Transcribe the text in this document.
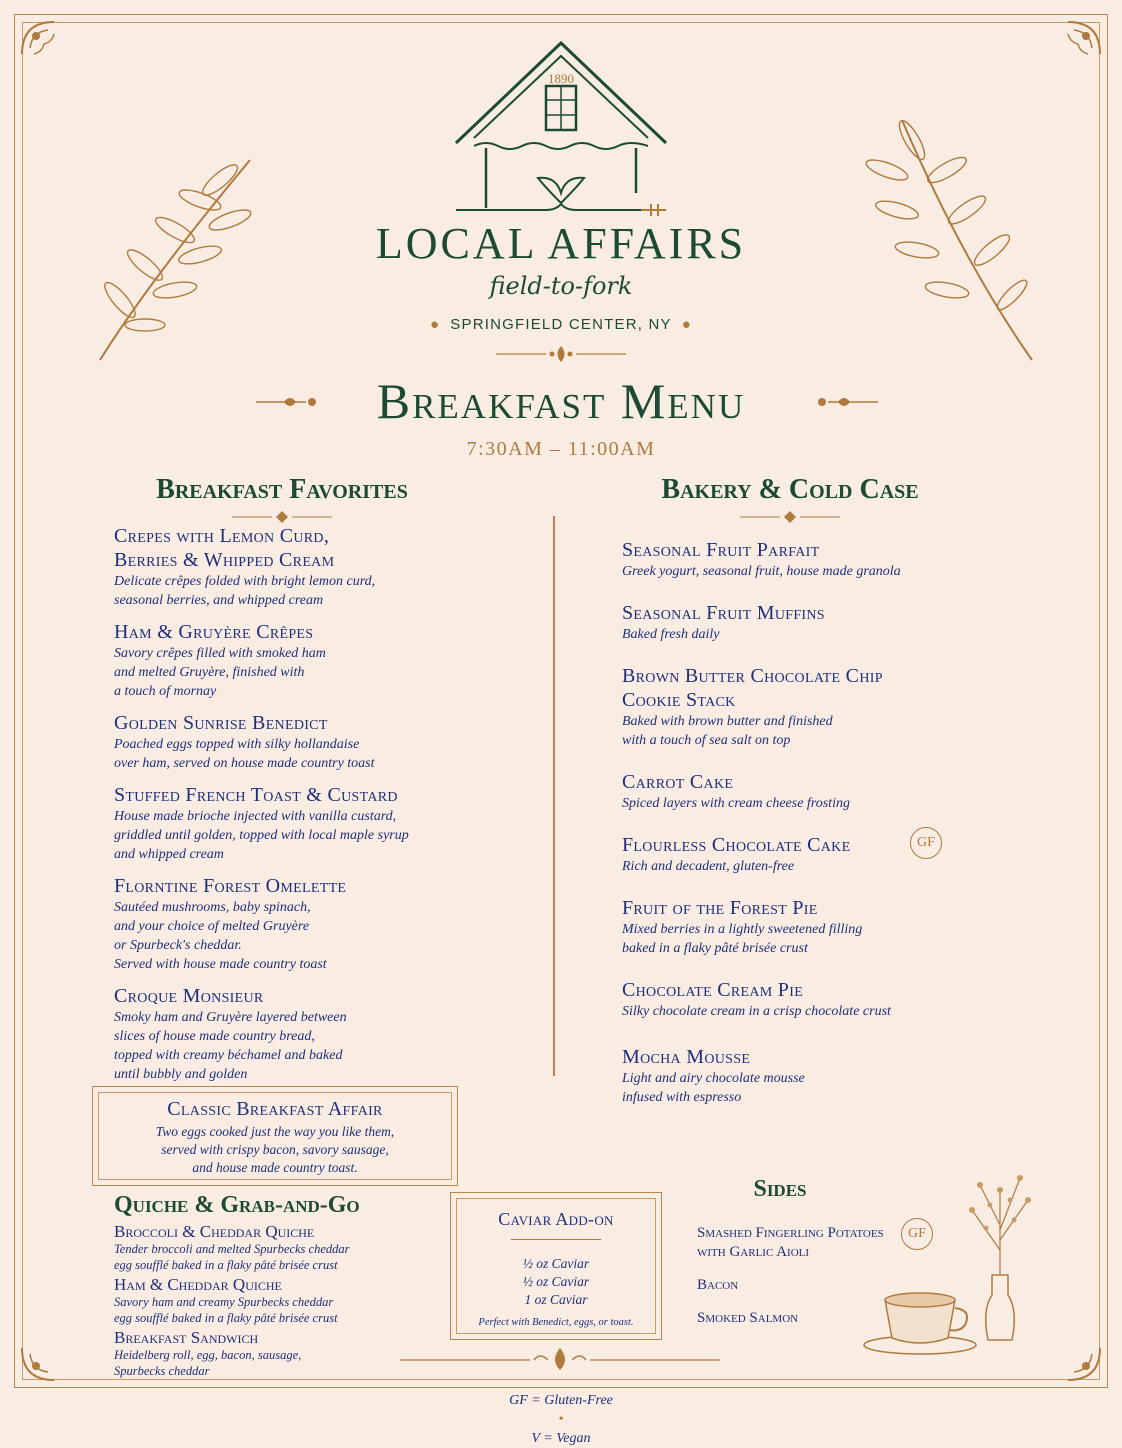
1890
LOCAL AFFAIRS
field-to-fork
● SPRINGFIELD CENTER, NY ●
Breakfast Menu
7:30AM – 11:00AM
Breakfast Favorites
Crepes with Lemon Curd,
Berries & Whipped Cream
Delicate crêpes folded with bright lemon curd,
seasonal berries, and whipped cream
Ham & Gruyère Crêpes
Savory crêpes filled with smoked ham
and melted Gruyère, finished with
a touch of mornay
Golden Sunrise Benedict
Poached eggs topped with silky hollandaise
over ham, served on house made country toast
Stuffed French Toast & Custard
House made brioche injected with vanilla custard,
griddled until golden, topped with local maple syrup
and whipped cream
Florntine Forest Omelette
Sautéed mushrooms, baby spinach,
and your choice of melted Gruyère
or Spurbeck's cheddar.
Served with house made country toast
Croque Monsieur
Smoky ham and Gruyère layered between
slices of house made country bread,
topped with creamy béchamel and baked
until bubbly and golden
Classic Breakfast Affair
Two eggs cooked just the way you like them,
served with crispy bacon, savory sausage,
and house made country toast.
Quiche & Grab-and-Go
Broccoli & Cheddar Quiche
Tender broccoli and melted Spurbecks cheddar
egg soufflé baked in a flaky pâté brisée crust
Ham & Cheddar Quiche
Savory ham and creamy Spurbecks cheddar
egg soufflé baked in a flaky pâté brisée crust
Breakfast Sandwich
Heidelberg roll, egg, bacon, sausage,
Spurbecks cheddar
Bakery & Cold Case
Seasonal Fruit Parfait
Greek yogurt, seasonal fruit, house made granola
Seasonal Fruit Muffins
Baked fresh daily
Brown Butter Chocolate Chip
Cookie Stack
Baked with brown butter and finished
with a touch of sea salt on top
Carrot Cake
Spiced layers with cream cheese frosting
Flourless Chocolate Cake	GF
Rich and decadent, gluten-free
Fruit of the Forest Pie
Mixed berries in a lightly sweetened filling
baked in a flaky pâté brisée crust
Chocolate Cream Pie
Silky chocolate cream in a crisp chocolate crust
Mocha Mousse
Light and airy chocolate mousse
infused with espresso
Caviar Add-on
½ oz Caviar
½ oz Caviar
1 oz Caviar
Perfect with Benedict, eggs, or toast.
Sides
Smashed Fingerling Potatoes
with Garlic Aioli
GF
Bacon
Smoked Salmon

GF = Gluten-Free
•
V = Vegan
